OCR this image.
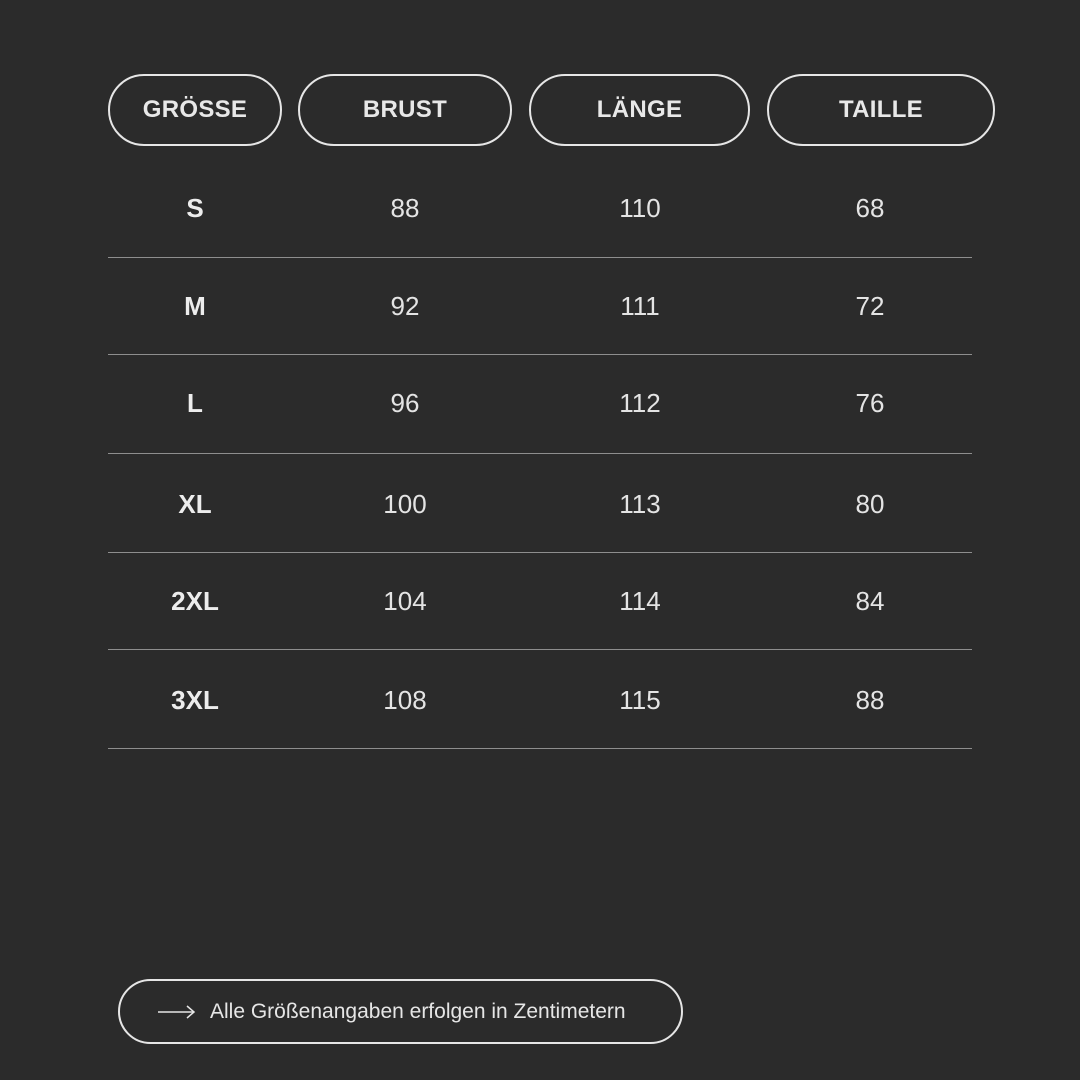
GRÖSSE	BRUST	LÄNGE	TAILLE
S	88	110	68
M	92	111	72
L	96	112	76
XL	100	113	80
2XL	104	114	84
3XL	108	115	88
Alle Größenangaben erfolgen in Zentimetern
